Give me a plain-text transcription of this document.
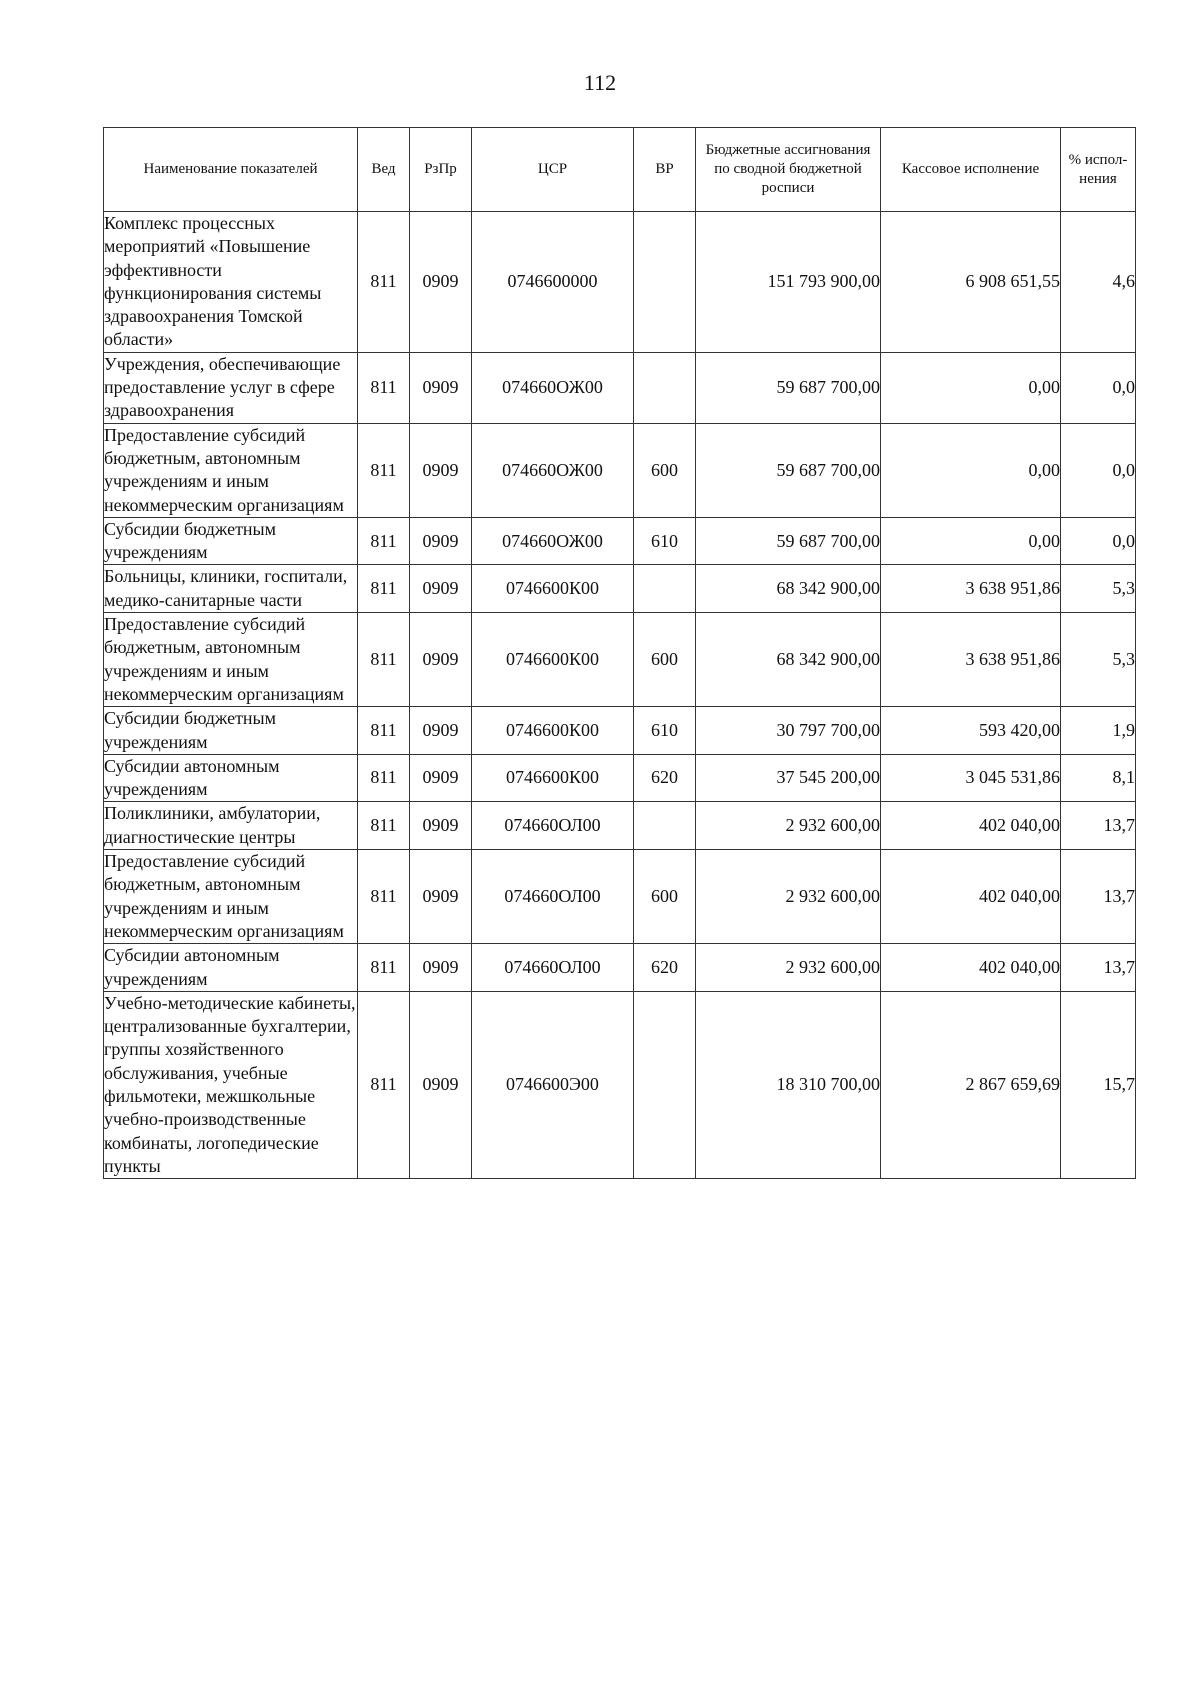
112
Наименование показателей	Вед	РзПр	ЦСР	ВР	Бюджетные ассигнования по сводной бюджетной росписи	Кассовое исполнение	% испол-нения
Комплекс процессных мероприятий «Повышение эффективности функционирования системы здравоохранения Томской области»	811	0909	0746600000		151 793 900,00	6 908 651,55	4,6
Учреждения, обеспечивающие предоставление услуг в сфере здравоохранения	811	0909	074660ОЖ00		59 687 700,00	0,00	0,0
Предоставление субсидий бюджетным, автономным учреждениям и иным некоммерческим организациям	811	0909	074660ОЖ00	600	59 687 700,00	0,00	0,0
Субсидии бюджетным учреждениям	811	0909	074660ОЖ00	610	59 687 700,00	0,00	0,0
Больницы, клиники, госпитали, медико-санитарные части	811	0909	0746600К00		68 342 900,00	3 638 951,86	5,3
Предоставление субсидий бюджетным, автономным учреждениям и иным некоммерческим организациям	811	0909	0746600К00	600	68 342 900,00	3 638 951,86	5,3
Субсидии бюджетным учреждениям	811	0909	0746600К00	610	30 797 700,00	593 420,00	1,9
Субсидии автономным учреждениям	811	0909	0746600К00	620	37 545 200,00	3 045 531,86	8,1
Поликлиники, амбулатории, диагностические центры	811	0909	074660ОЛ00		2 932 600,00	402 040,00	13,7
Предоставление субсидий бюджетным, автономным учреждениям и иным некоммерческим организациям	811	0909	074660ОЛ00	600	2 932 600,00	402 040,00	13,7
Субсидии автономным учреждениям	811	0909	074660ОЛ00	620	2 932 600,00	402 040,00	13,7
Учебно-методические кабинеты, централизованные бухгалтерии, группы хозяйственного обслуживания, учебные фильмотеки, межшкольные учебно-производственные комбинаты, логопедические пункты	811	0909	0746600Э00		18 310 700,00	2 867 659,69	15,7
